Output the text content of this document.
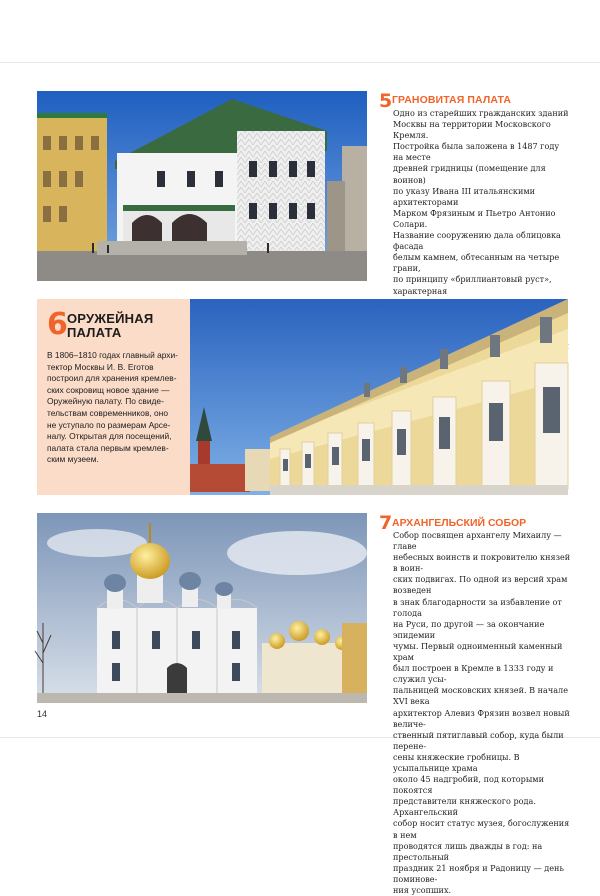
5 ГРАНОВИТАЯ ПАЛАТА
Одно из старейших гражданских зданий
Москвы на территории Московского Кремля.
Постройка была заложена в 1487 году на месте
древней гридницы (помещение для воинов)
по указу Ивана III итальянскими архитекторами
Марком Фрязиным и Пьетро Антонио Солари.
Название сооружению дала облицовка фасада
белым камнем, обтесанным на четыре грани,
по принципу «бриллиантовый руст», характерная
6 ОРУЖЕЙНАЯ
ПАЛАТА
В 1806–1810 годах главный архи-
тектор Москвы И. В. Еготов
построил для хранения кремлев-
ских сокровищ новое здание —
Оружейную палату. По свиде-
тельствам современников, оно
не уступало по размерам Арсе-
налу. Открытая для посещений,
палата стала первым кремлев-
ским музеем.
7 АРХАНГЕЛЬСКИЙ СОБОР
Собор посвящен архангелу Михаилу — главе
небесных воинств и покровителю князей в воин-
ских подвигах. По одной из версий храм возведен
в знак благодарности за избавление от голода
на Руси, по другой — за окончание эпидемии
чумы. Первый одноименный каменный храм
был построен в Кремле в 1333 году и служил усы-
пальницей московских князей. В начале XVI века
архитектор Алевиз Фрязин возвел новый величе-
ственный пятиглавый собор, куда были перене-
сены княжеские гробницы. В усыпальнице храма
около 45 надгробий, под которыми покоятся
представители княжеского рода. Архангельский
собор носит статус музея, богослужения в нем
проводятся лишь дважды в год: на престольный
праздник 21 ноября и Радоницу — день поминове-
ния усопших.
14
